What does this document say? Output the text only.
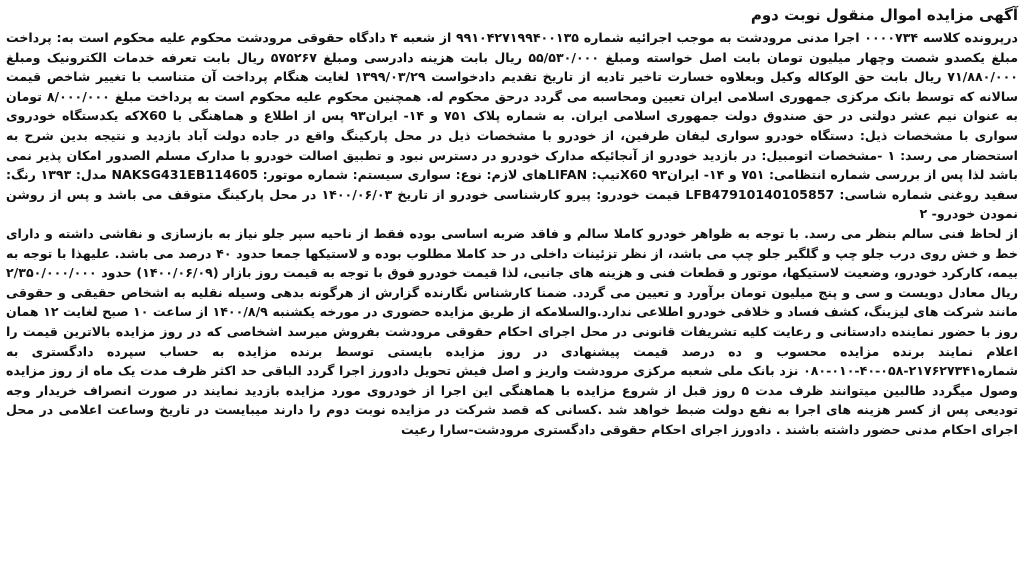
آگهی مزایده اموال منقول نوبت دوم

درپرونده کلاسه ۰۰۰۰۷۳۴ اجرا مدنی مرودشت به موجب اجرائیه شماره ۹۹۱۰۴۲۷۱۹۹۴۰۰۱۳۵ از شعبه ۴ دادگاه حقوقی مرودشت محکوم علیه محکوم است به: پرداخت مبلغ یکصدو شصت وچهار میلیون تومان بابت اصل خواسته ومبلغ ۵۵/۵۳۰/۰۰۰ ریال بابت هزینه دادرسی ومبلغ ۵۷۵۲۶۷ ریال بابت تعرفه خدمات الکترونیک ومبلغ ۷۱/۸۸۰/۰۰۰ ریال بابت حق الوکاله وکیل وبعلاوه خسارت تاخیر تادیه از تاریخ تقدیم دادخواست ۱۳۹۹/۰۳/۲۹ لغایت هنگام پرداخت آن متناسب با تغییر شاخص قیمت سالانه که توسط بانک مرکزی جمهوری اسلامی ایران تعیین ومحاسبه می گردد درحق محکوم له. همچنین محکوم علیه محکوم است به پرداخت مبلغ ۸/۰۰۰/۰۰۰ تومان به عنوان نیم عشر دولتی در حق صندوق دولت جمهوری اسلامی ایران. به شماره پلاک ۷۵۱ و ۱۴- ایران۹۳ پس از اطلاع و هماهنگی با X60که یکدستگاه خودروی سواری با مشخصات ذیل: دستگاه خودرو سواری لیفان طرفین، از خودرو با مشخصات ذیل در محل پارکینگ واقع در جاده دولت آباد بازدید و نتیجه بدین شرح به استحضار می رسد: ۱ -مشخصات اتومبیل: در بازدید خودرو از آنجائیکه مدارک خودرو در دسترس نبود و تطبیق اصالت خودرو با مدارک مسلم الصدور امکان پذیر نمی باشد لذا پس از بررسی شماره انتظامی: ۷۵۱ و ۱۴- ایران۹۳ X60تیپ: LIFANهای لازم: نوع: سواری سیستم: شماره موتور: NAKSG431EB114605 مدل: ۱۳۹۳ رنگ: سفید روغنی شماره شاسی: LFB47910140105857 قیمت خودرو: پیرو کارشناسی خودرو از تاریخ ۱۴۰۰/۰۶/۰۳ در محل پارکینگ متوقف می باشد و پس از روشن نمودن خودرو- ۲

از لحاظ فنی سالم بنظر می رسد. با توجه به ظواهر خودرو کاملا سالم و فاقد ضربه اساسی بوده فقط از ناحیه سپر جلو نیاز به بازسازی و نقاشی داشته و دارای خط و خش روی درب جلو چپ و گلگیر جلو چپ می باشد، از نظر تزئینات داخلی در حد کاملا مطلوب بوده و لاستیکها جمعا حدود ۴۰ درصد می باشد. علیهذا با توجه به بیمه، کارکرد خودرو، وضعیت لاستیکها، موتور و قطعات فنی و هزینه های جانبی، لذا قیمت خودرو فوق با توجه به قیمت روز بازار (۱۴۰۰/۰۶/۰۹) حدود ۲/۳۵۰/۰۰۰/۰۰۰ ریال معادل دویست و سی و پنج میلیون تومان برآورد و تعیین می گردد. ضمنا کارشناس نگارنده گزارش از هرگونه بدهی وسیله نقلیه به اشخاص حقیقی و حقوقی مانند شرکت های لیزینگ، کشف فساد و خلافی خودرو اطلاعی ندارد.والسلامکه از طریق مزایده حضوری در مورخه یکشنبه ۱۴۰۰/۸/۹ از ساعت ۱۰ صبح لغایت ۱۲ همان روز با حضور نماینده دادستانی و رعایت کلیه تشریفات قانونی در محل اجرای احکام حقوقی مرودشت بفروش میرسد اشخاصی که در روز مزایده بالاترین قیمت را اعلام نمایند برنده مزایده محسوب و ده درصد قیمت پیشنهادی در روز مزایده بایستی توسط برنده مزایده به حساب سپرده دادگستری به شماره۲۱۷۶۲۷۳۴۱-۰۵۸-۴۰-۰۱۰-۰۸۰ نزد بانک ملی شعبه مرکزی مرودشت واریز و اصل فیش تحویل دادورز اجرا گردد الباقی حد اکثر ظرف مدت یک ماه از روز مزایده وصول میگردد طالبین میتوانند ظرف مدت ۵ روز قبل از شروع مزایده با هماهنگی این اجرا از خودروی مورد مزایده بازدید نمایند در صورت انصراف خریدار وجه تودیعی پس از کسر هزینه های اجرا به نفع دولت ضبط خواهد شد .کسانی که قصد شرکت در مزایده نوبت دوم را دارند میبایست در تاریخ وساعت اعلامی در محل اجرای احکام مدنی حضور داشته باشند . دادورز اجرای احکام حقوقی دادگستری مرودشت-سارا رعیت
